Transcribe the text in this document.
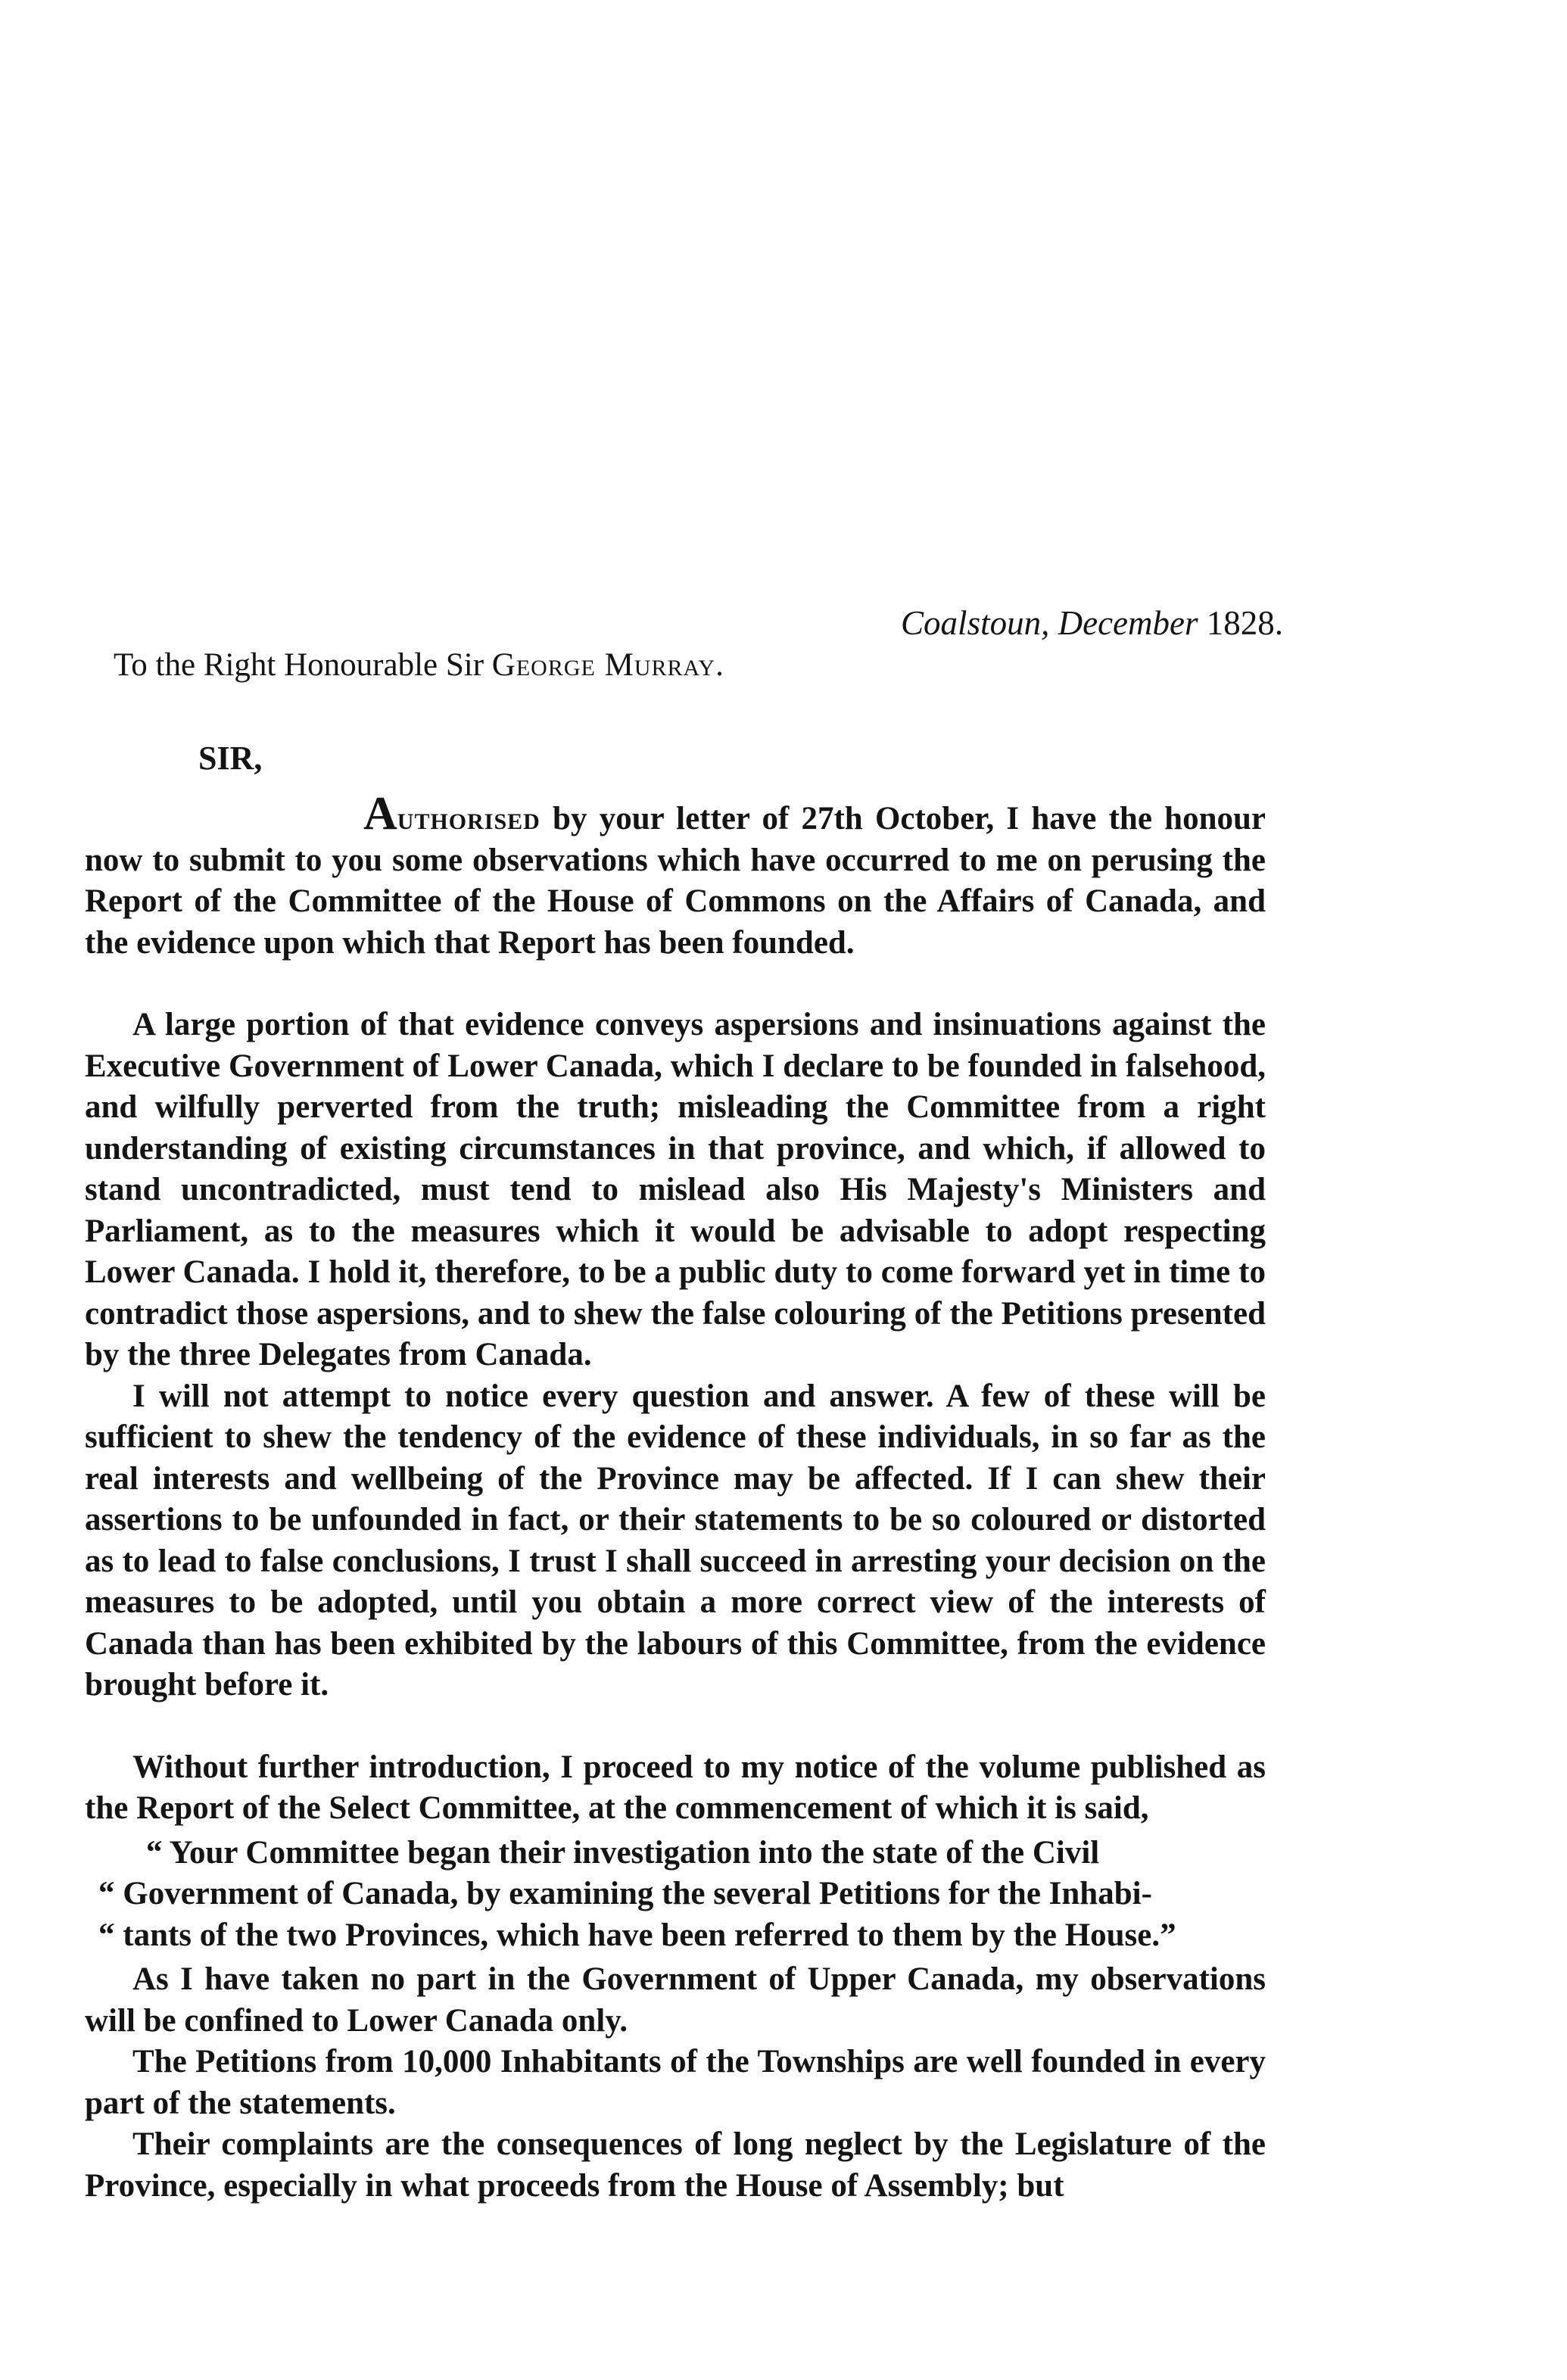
Coalstoun, December 1828.
To the Right Honourable Sir George Murray.
SIR,

Authorised by your letter of 27th October, I have the honour now to submit to you some observations which have occurred to me on perusing the Report of the Committee of the House of Commons on the Affairs of Canada, and the evidence upon which that Report has been founded.

A large portion of that evidence conveys aspersions and insinuations against the Executive Government of Lower Canada, which I declare to be founded in falsehood, and wilfully perverted from the truth; misleading the Committee from a right understanding of existing circumstances in that province, and which, if allowed to stand uncontradicted, must tend to mislead also His Majesty's Ministers and Parliament, as to the measures which it would be advisable to adopt respecting Lower Canada. I hold it, therefore, to be a public duty to come forward yet in time to contradict those aspersions, and to shew the false colouring of the Petitions presented by the three Delegates from Canada.

I will not attempt to notice every question and answer. A few of these will be sufficient to shew the tendency of the evidence of these individuals, in so far as the real interests and wellbeing of the Province may be affected. If I can shew their assertions to be unfounded in fact, or their statements to be so coloured or distorted as to lead to false conclusions, I trust I shall succeed in arresting your decision on the measures to be adopted, until you obtain a more correct view of the interests of Canada than has been exhibited by the labours of this Committee, from the evidence brought before it.

Without further introduction, I proceed to my notice of the volume published as the Report of the Select Committee, at the commencement of which it is said,

“ Your Committee began their investigation into the state of the Civil
“ Government of Canada, by examining the several Petitions for the Inhabi-
“ tants of the two Provinces, which have been referred to them by the House.”

As I have taken no part in the Government of Upper Canada, my observations will be confined to Lower Canada only.

The Petitions from 10,000 Inhabitants of the Townships are well founded in every part of the statements.

Their complaints are the consequences of long neglect by the Legislature of the Province, especially in what proceeds from the House of Assembly; but
